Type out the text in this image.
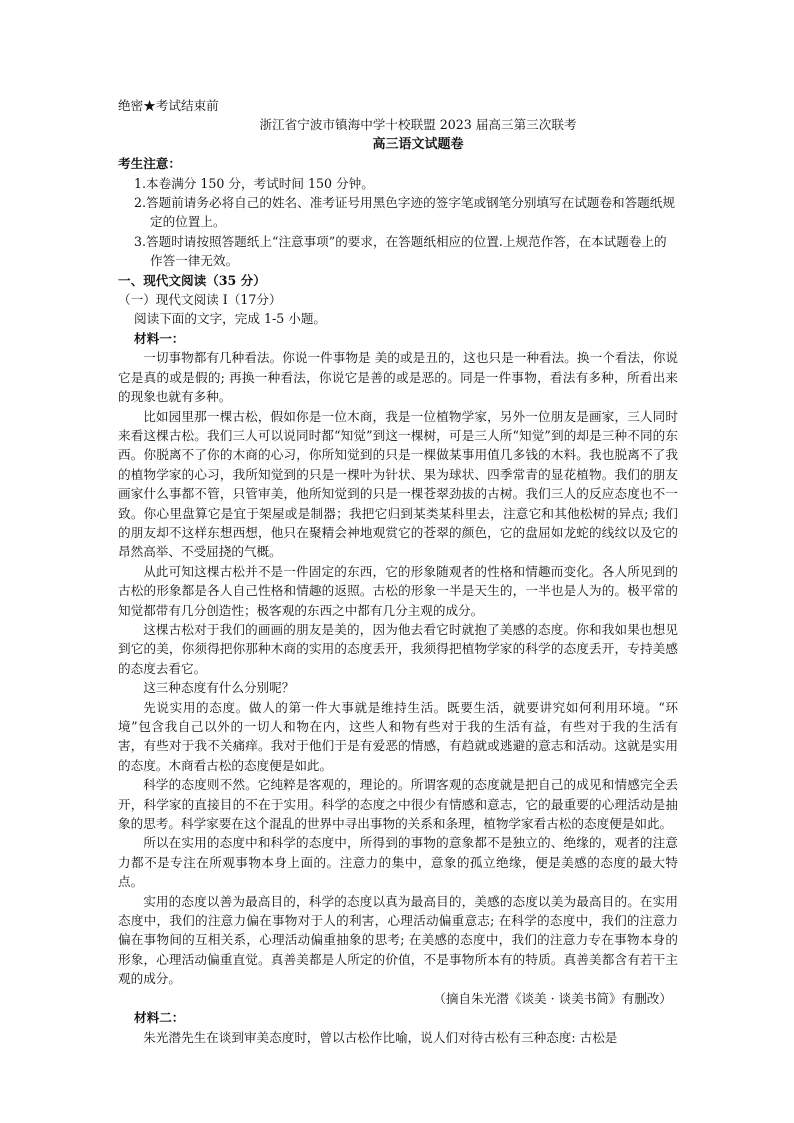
绝密★考试结束前

浙江省宁波市镇海中学十校联盟 2023 届高三第三次联考

高三语文试题卷

考生注意：

1.本卷满分 150 分，考试时间 150 分钟。

2.答题前请务必将自己的姓名、准考证号用黑色字迹的签字笔或钢笔分别填写在试题卷和答题纸规定的位置上。

3.答题时请按照答题纸上“注意事项”的要求，在答题纸相应的位置.上规范作答，在本试题卷上的作答一律无效。

一、现代文阅读（35 分）

（一）现代文阅读 I（17分）

阅读下面的文字，完成 1-5 小题。

材料一：

一切事物都有几种看法。你说一件事物是 美的或是丑的，这也只是一种看法。换一个看法，你说它是真的或是假的; 再换一种看法，你说它是善的或是恶的。同是一件事物，看法有多种，所看出来的现象也就有多种。

比如园里那一棵古松，假如你是一位木商，我是一位植物学家，另外一位朋友是画家，三人同时来看这棵古松。我们三人可以说同时都“知觉”到这一棵树，可是三人所“知觉”到的却是三种不同的东西。你脱离不了你的木商的心习，你所知觉到的只是一棵做某事用值几多钱的木料。我也脱离不了我的植物学家的心习，我所知觉到的只是一棵叶为针状、果为球状、四季常青的显花植物。我们的朋友画家什么事都不管，只管审美，他所知觉到的只是一棵苍翠劲拔的古树。我们三人的反应态度也不一致。你心里盘算它是宜于架屋或是制器；我把它归到某类某科里去，注意它和其他松树的异点; 我们的朋友却不这样东想西想，他只在聚精会神地观赏它的苍翠的颜色，它的盘屈如龙蛇的线纹以及它的昂然高举、不受屈挠的气概。

从此可知这棵古松并不是一件固定的东西，它的形象随观者的性格和情趣而变化。各人所见到的古松的形象都是各人自己性格和情趣的返照。古松的形象一半是天生的，一半也是人为的。极平常的知觉都带有几分创造性；极客观的东西之中都有几分主观的成分。

这棵古松对于我们的画画的朋友是美的，因为他去看它时就抱了美感的态度。你和我如果也想见到它的美，你须得把你那种木商的实用的态度丢开，我须得把植物学家的科学的态度丢开，专持美感的态度去看它。

这三种态度有什么分别呢？

先说实用的态度。做人的第一件大事就是维持生活。既要生活，就要讲究如何利用环境。“环境”包含我自己以外的一切人和物在内，这些人和物有些对于我的生活有益，有些对于我的生活有害，有些对于我不关痛痒。我对于他们于是有爱恶的情感，有趋就或逃避的意志和活动。这就是实用的态度。木商看古松的态度便是如此。

科学的态度则不然。它纯粹是客观的，理论的。所谓客观的态度就是把自己的成见和情感完全丢开，科学家的直接目的不在于实用。科学的态度之中很少有情感和意志，它的最重要的心理活动是抽象的思考。科学家要在这个混乱的世界中寻出事物的关系和条理，植物学家看古松的态度便是如此。

所以在实用的态度中和科学的态度中，所得到的事物的意象都不是独立的、绝缘的，观者的注意力都不是专注在所观事物本身上面的。注意力的集中，意象的孤立绝缘，便是美感的态度的最大特点。

实用的态度以善为最高目的，科学的态度以真为最高目的，美感的态度以美为最高目的。在实用态度中，我们的注意力偏在事物对于人的利害，心理活动偏重意志; 在科学的态度中，我们的注意力偏在事物间的互相关系，心理活动偏重抽象的思考; 在美感的态度中，我们的注意力专在事物本身的形象，心理活动偏重直觉。真善美都是人所定的价值，不是事物所本有的特质。真善美都含有若干主观的成分。

（摘自朱光潜《谈美 · 谈美书简》有删改）

材料二：

朱光潜先生在谈到审美态度时，曾以古松作比喻，说人们对待古松有三种态度: 古松是
